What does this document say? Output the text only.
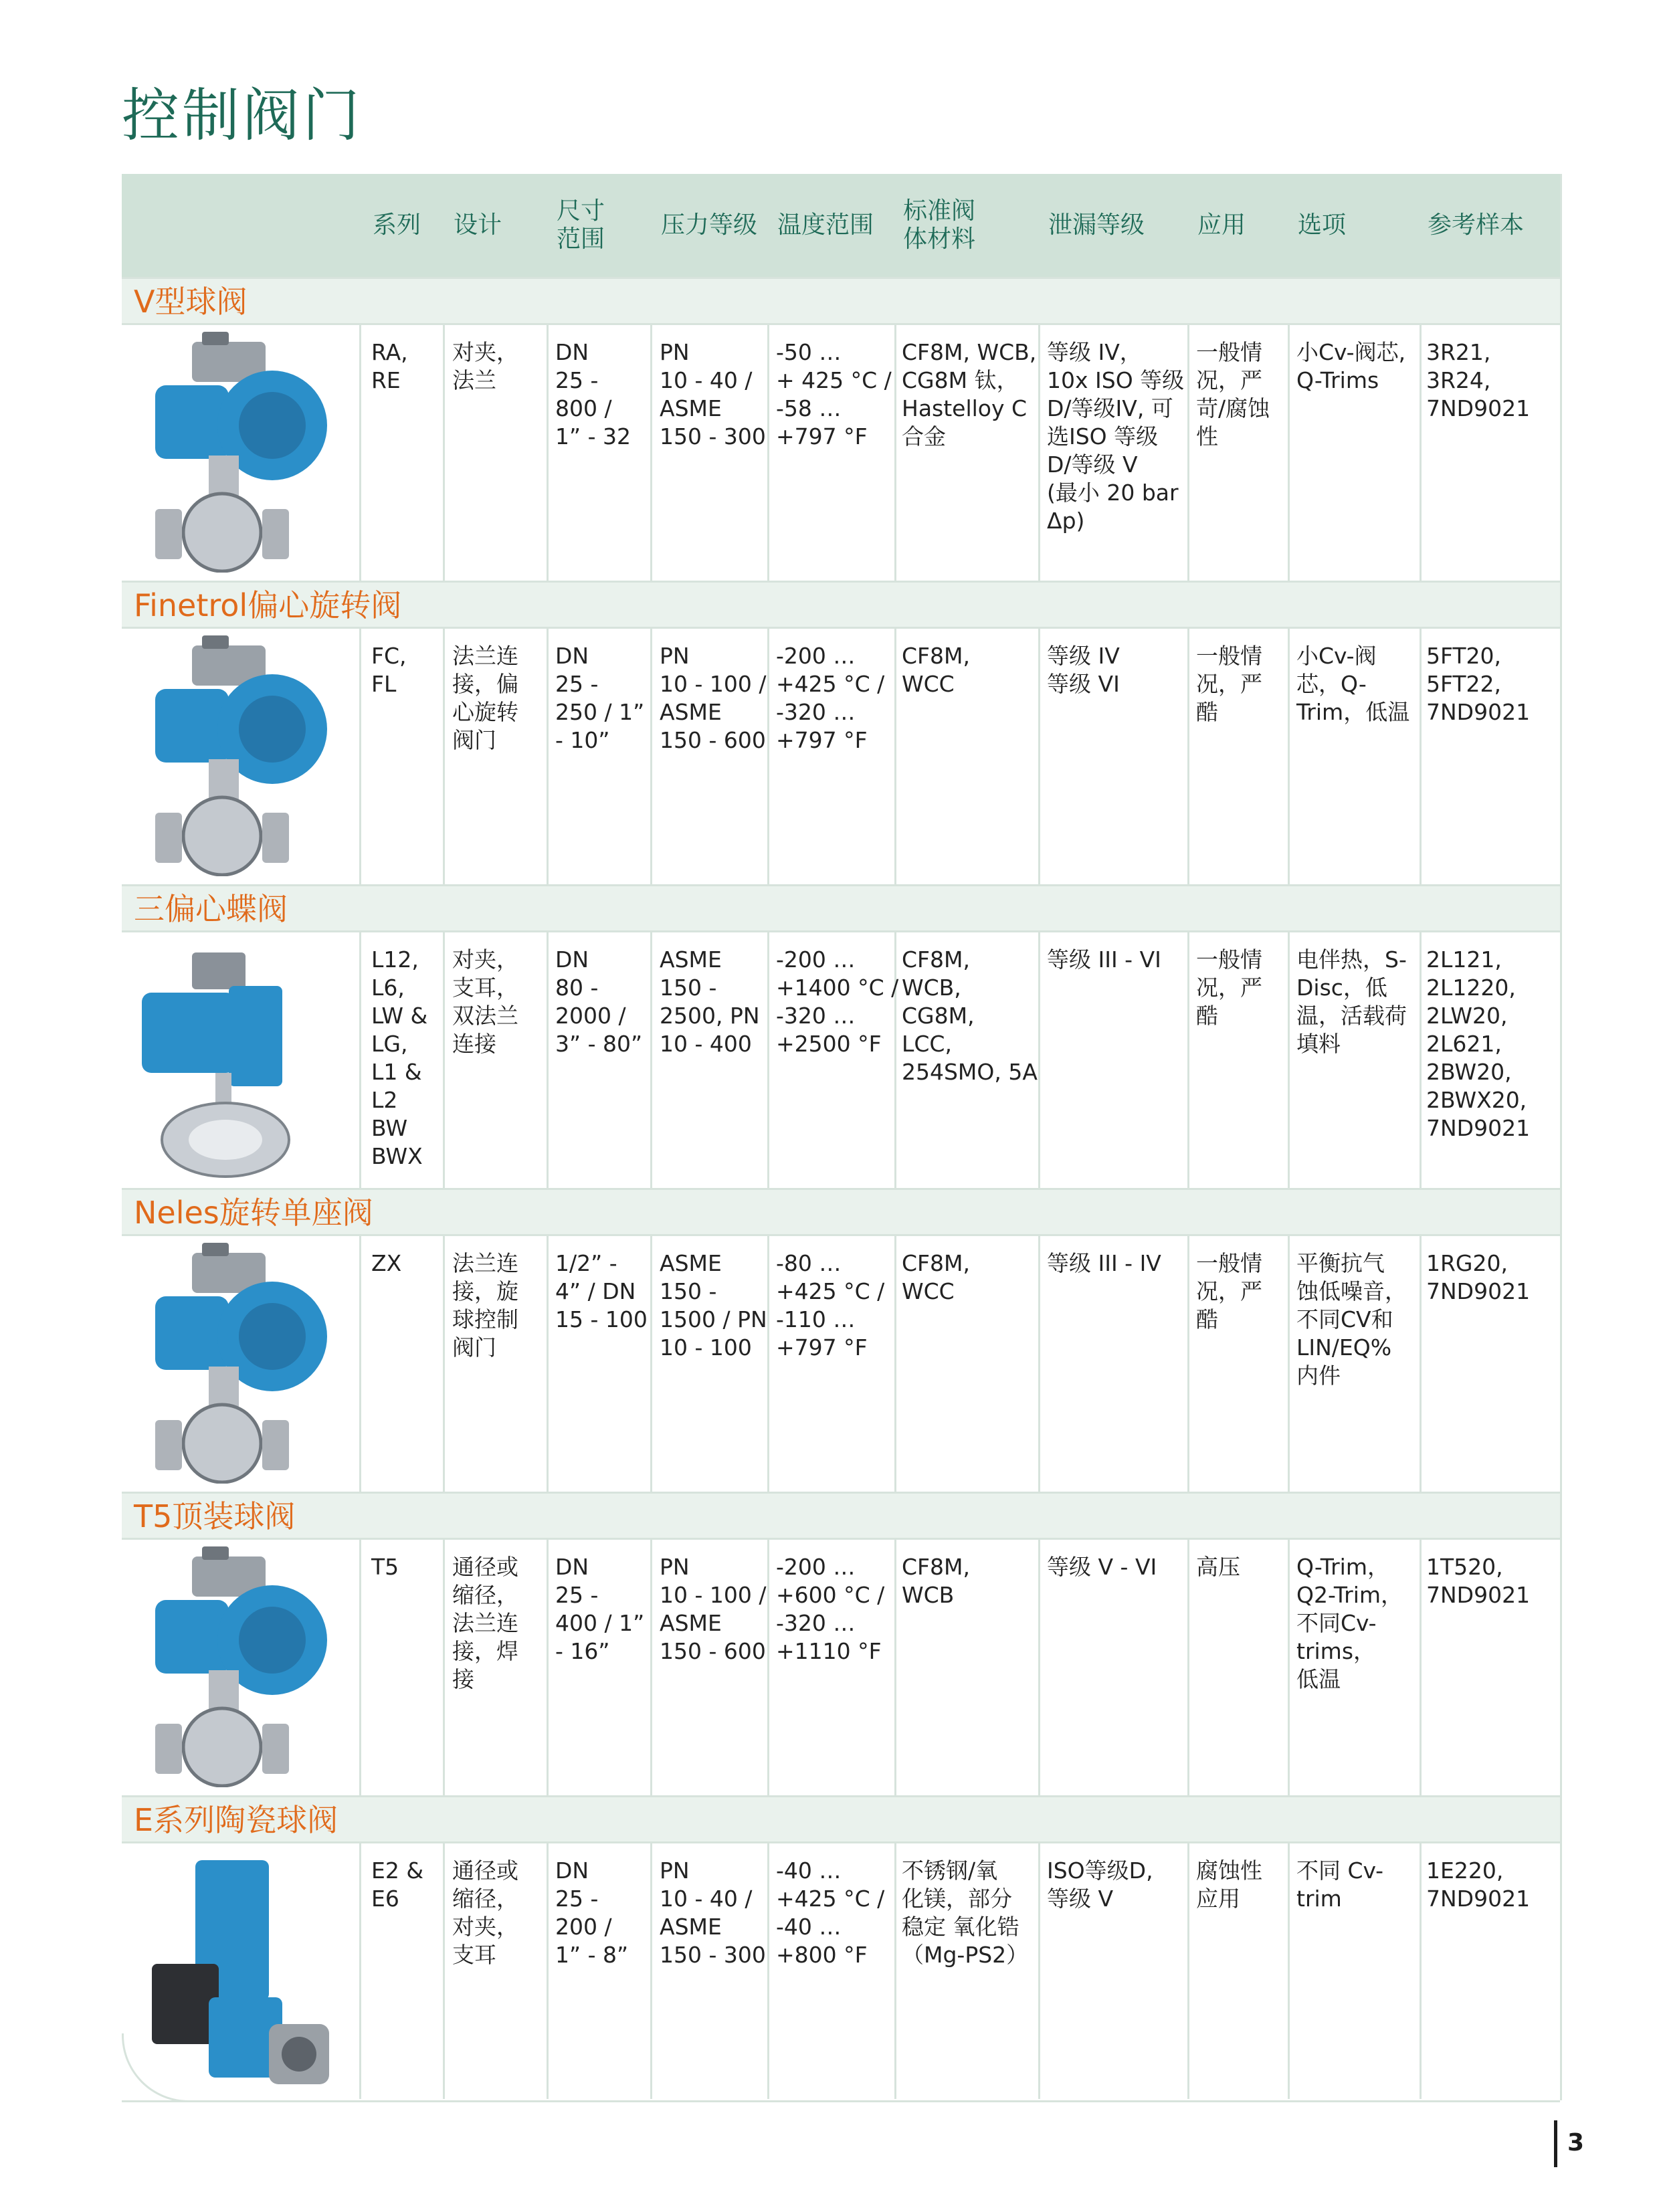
控制阀门
系列 设计
尺寸
范围
压力等级 温度范围
标准阀
体材料
泄漏等级 应用 选项	参考样本
V型球阀
RA,
RE
对夹，
法兰
DN
25 -
800 /
1” - 32
PN
10 - 40 /
ASME
150 - 300
-50 …
+ 425 °C /
-58 …
+797 °F
CF8M, WCB,
CG8M 钛，
Hastelloy C
合金
等级 IV，
10x ISO 等级
D/等级IV, 可
选ISO 等级
D/等级 V
(最小 20 bar
Δp)
一般情
况，严
苛/腐蚀
性
小Cv-阀芯,
Q-Trims
3R21,
3R24,
7ND9021
Finetrol偏心旋转阀
FC,
FL
法兰连
接，偏
心旋转
阀门
DN
25 -
250 / 1”
- 10”
PN
10 - 100 /
ASME
150 - 600
-200 …
+425 °C /
-320 …
+797 °F
CF8M,
WCC
等级 IV
等级 VI
一般情
况，严
酷
小Cv-阀
芯，Q-
Trim，低温
5FT20,
5FT22,
7ND9021
三偏心蝶阀
L12,
L6,
LW &
LG,
L1 &
L2
BW
BWX
对夹，
支耳，
双法兰
连接
DN
80 -
2000 /
3” - 80”
ASME
150 -
2500, PN
10 - 400
-200 …
+1400 °C /
-320 …
+2500 °F
CF8M,
WCB,
CG8M,
LCC,
254SMO, 5A
等级 III - VI 一般情
况，严
酷
电伴热，S-
Disc，低
温，活载荷
填料
2L121,
2L1220,
2LW20,
2L621,
2BW20,
2BWX20,
7ND9021
Neles旋转单座阀
ZX 法兰连
接，旋
球控制
阀门
1/2” -
4” / DN
15 - 100
ASME
150 -
1500 / PN
10 - 100
-80 …
+425 °C /
-110 …
+797 °F
CF8M,
WCC
等级 III - IV 一般情
况，严
酷
平衡抗气
蚀低噪音，
不同CV和
LIN/EQ%
内件
1RG20,
7ND9021
T5顶装球阀
T5 通径或
缩径，
法兰连
接，焊
接
DN
25 -
400 / 1”
- 16”
PN
10 - 100 /
ASME
150 - 600
-200 …
+600 °C /
-320 …
+1110 °F
CF8M,
WCB
等级 V - VI 高压	Q-Trim，
Q2-Trim，
不同Cv-
trims，
低温
1T520,
7ND9021
E系列陶瓷球阀
E2 &
E6
通径或
缩径，
对夹，
支耳
DN
25 -
200 /
1” - 8”
PN
10 - 40 /
ASME
150 - 300
-40 …
+425 °C /
-40 …
+800 °F
不锈钢/氧
化镁，部分
稳定 氧化锆
（Mg-PS2）
ISO等级D,
等级 V
腐蚀性
应用
不同 Cv-
trim
1E220,
7ND9021
3
